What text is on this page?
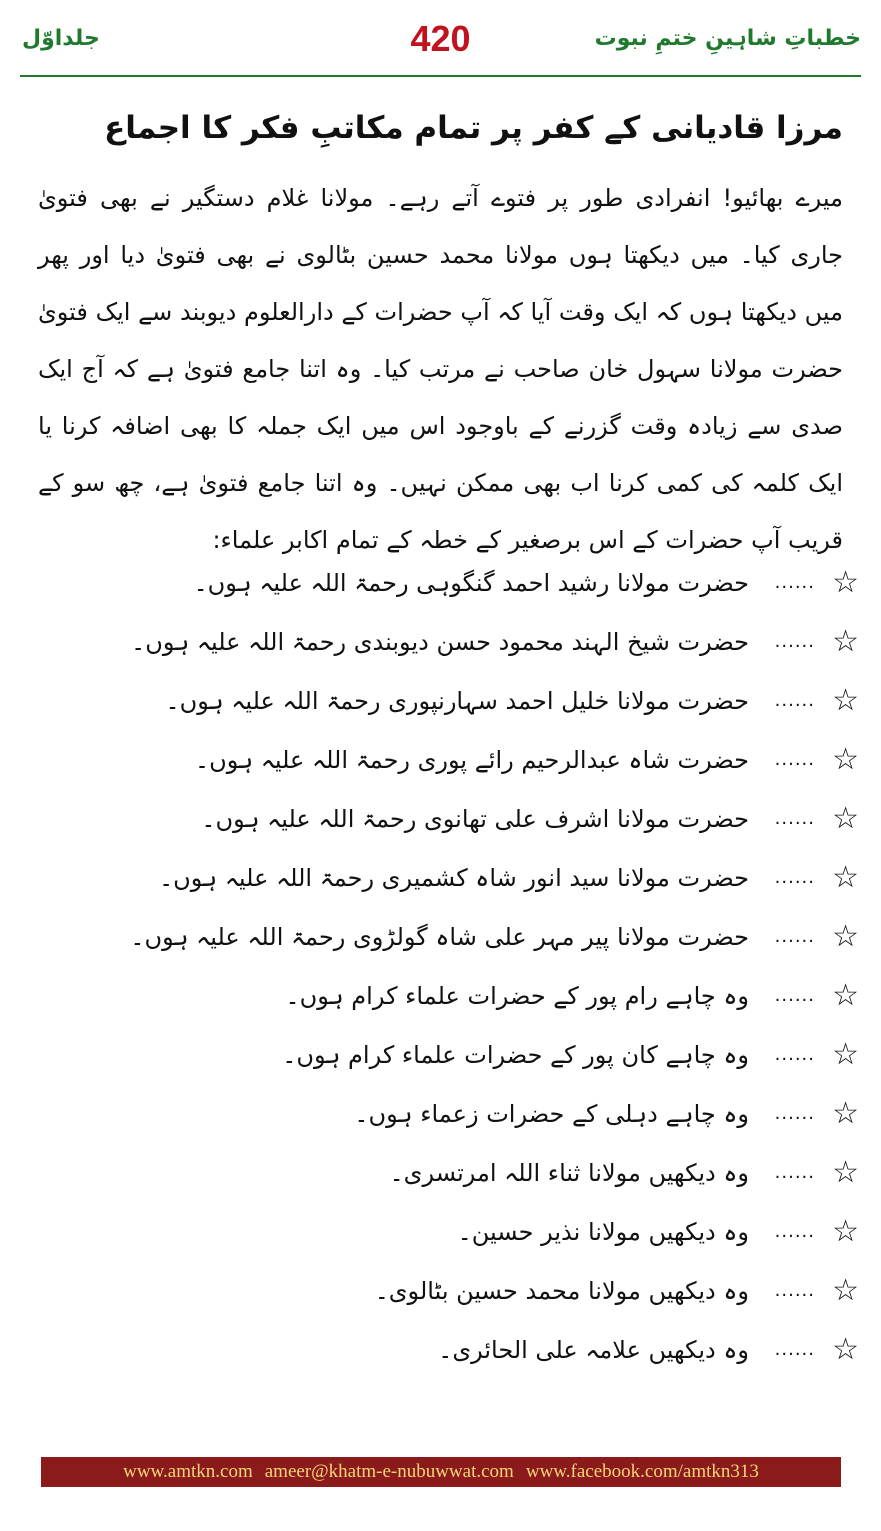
جلداوّل	420	خطباتِ شاہینِ ختمِ نبوت
مرزا قادیانی کے کفر پر تمام مکاتبِ فکر کا اجماع
میرے بھائیو! انفرادی طور پر فتوے آتے رہے۔ مولانا غلام دستگیر نے بھی فتویٰ جاری کیا۔ میں دیکھتا ہوں مولانا محمد حسین بٹالوی نے بھی فتویٰ دیا اور پھر میں دیکھتا ہوں کہ ایک وقت آیا کہ آپ حضرات کے دارالعلوم دیوبند سے ایک فتویٰ حضرت مولانا سہول خان صاحب نے مرتب کیا۔ وہ اتنا جامع فتویٰ ہے کہ آج ایک صدی سے زیادہ وقت گزرنے کے باوجود اس میں ایک جملہ کا بھی اضافہ کرنا یا ایک کلمہ کی کمی کرنا اب بھی ممکن نہیں۔ وہ اتنا جامع فتویٰ ہے، چھ سو کے قریب آپ حضرات کے اس برصغیر کے خطہ کے تمام اکابر علماء:
☆
......
حضرت مولانا رشید احمد گنگوہی رحمۃ اللہ علیہ ہوں۔
☆
......
حضرت شیخ الہند محمود حسن دیوبندی رحمۃ اللہ علیہ ہوں۔
☆
......
حضرت مولانا خلیل احمد سہارنپوری رحمۃ اللہ علیہ ہوں۔
☆
......
حضرت شاہ عبدالرحیم رائے پوری رحمۃ اللہ علیہ ہوں۔
☆
......
حضرت مولانا اشرف علی تھانوی رحمۃ اللہ علیہ ہوں۔
☆
......
حضرت مولانا سید انور شاہ کشمیری رحمۃ اللہ علیہ ہوں۔
☆
......
حضرت مولانا پیر مہر علی شاہ گولڑوی رحمۃ اللہ علیہ ہوں۔
☆
......
وہ چاہے رام پور کے حضرات علماء کرام ہوں۔
☆
......
وہ چاہے کان پور کے حضرات علماء کرام ہوں۔
☆
......
وہ چاہے دہلی کے حضرات زعماء ہوں۔
☆
......
وہ دیکھیں مولانا ثناء اللہ امرتسری۔
☆
......
وہ دیکھیں مولانا نذیر حسین۔
☆
......
وہ دیکھیں مولانا محمد حسین بٹالوی۔
☆
......
وہ دیکھیں علامہ علی الحائری۔
www.amtkn.com ameer@khatm-e-nubuwwat.com www.facebook.com/amtkn313
